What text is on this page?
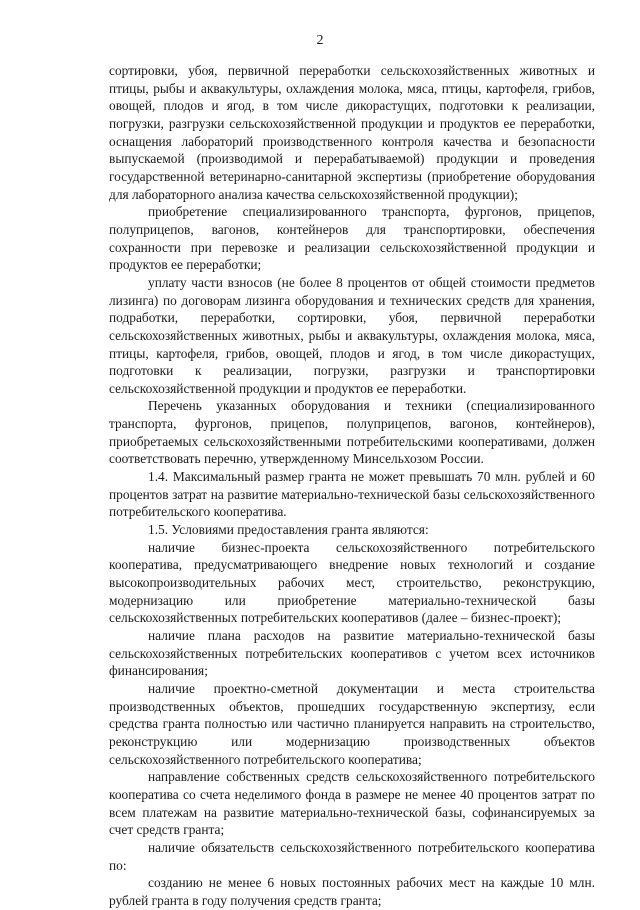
2

сортировки, убоя, первичной переработки сельскохозяйственных животных и птицы, рыбы и аквакультуры, охлаждения молока, мяса, птицы, картофеля, грибов, овощей, плодов и ягод, в том числе дикорастущих, подготовки к реализации, погрузки, разгрузки сельскохозяйственной продукции и продуктов ее переработки, оснащения лабораторий производственного контроля качества и безопасности выпускаемой (производимой и перерабатываемой) продукции и проведения государственной ветеринарно-санитарной экспертизы (приобретение оборудования для лабораторного анализа качества сельскохозяйственной продукции);

приобретение специализированного транспорта, фургонов, прицепов, полуприцепов, вагонов, контейнеров для транспортировки, обеспечения сохранности при перевозке и реализации сельскохозяйственной продукции и продуктов ее переработки;

уплату части взносов (не более 8 процентов от общей стоимости предметов лизинга) по договорам лизинга оборудования и технических средств для хранения, подработки, переработки, сортировки, убоя, первичной переработки сельскохозяйственных животных, рыбы и аквакультуры, охлаждения молока, мяса, птицы, картофеля, грибов, овощей, плодов и ягод, в том числе дикорастущих, подготовки к реализации, погрузки, разгрузки и транспортировки сельскохозяйственной продукции и продуктов ее переработки.

Перечень указанных оборудования и техники (специализированного транспорта, фургонов, прицепов, полуприцепов, вагонов, контейнеров), приобретаемых сельскохозяйственными потребительскими кооперативами, должен соответствовать перечню, утвержденному Минсельхозом России.

1.4. Максимальный размер гранта не может превышать 70 млн. рублей и 60 процентов затрат на развитие материально-технической базы сельскохозяйственного потребительского кооператива.

1.5. Условиями предоставления гранта являются:

наличие бизнес-проекта сельскохозяйственного потребительского кооператива, предусматривающего внедрение новых технологий и создание высокопроизводительных рабочих мест, строительство, реконструкцию, модернизацию или приобретение материально-технической базы сельскохозяйственных потребительских кооперативов (далее – бизнес-проект);

наличие плана расходов на развитие материально-технической базы сельскохозяйственных потребительских кооперативов с учетом всех источников финансирования;

наличие проектно-сметной документации и места строительства производственных объектов, прошедших государственную экспертизу, если средства гранта полностью или частично планируется направить на строительство, реконструкцию или модернизацию производственных объектов сельскохозяйственного потребительского кооператива;

направление собственных средств сельскохозяйственного потребительского кооператива со счета неделимого фонда в размере не менее 40 процентов затрат по всем платежам на развитие материально-технической базы, софинансируемых за счет средств гранта;

наличие обязательств сельскохозяйственного потребительского кооператива по:

созданию не менее 6 новых постоянных рабочих мест на каждые 10 млн. рублей гранта в году получения средств гранта;
